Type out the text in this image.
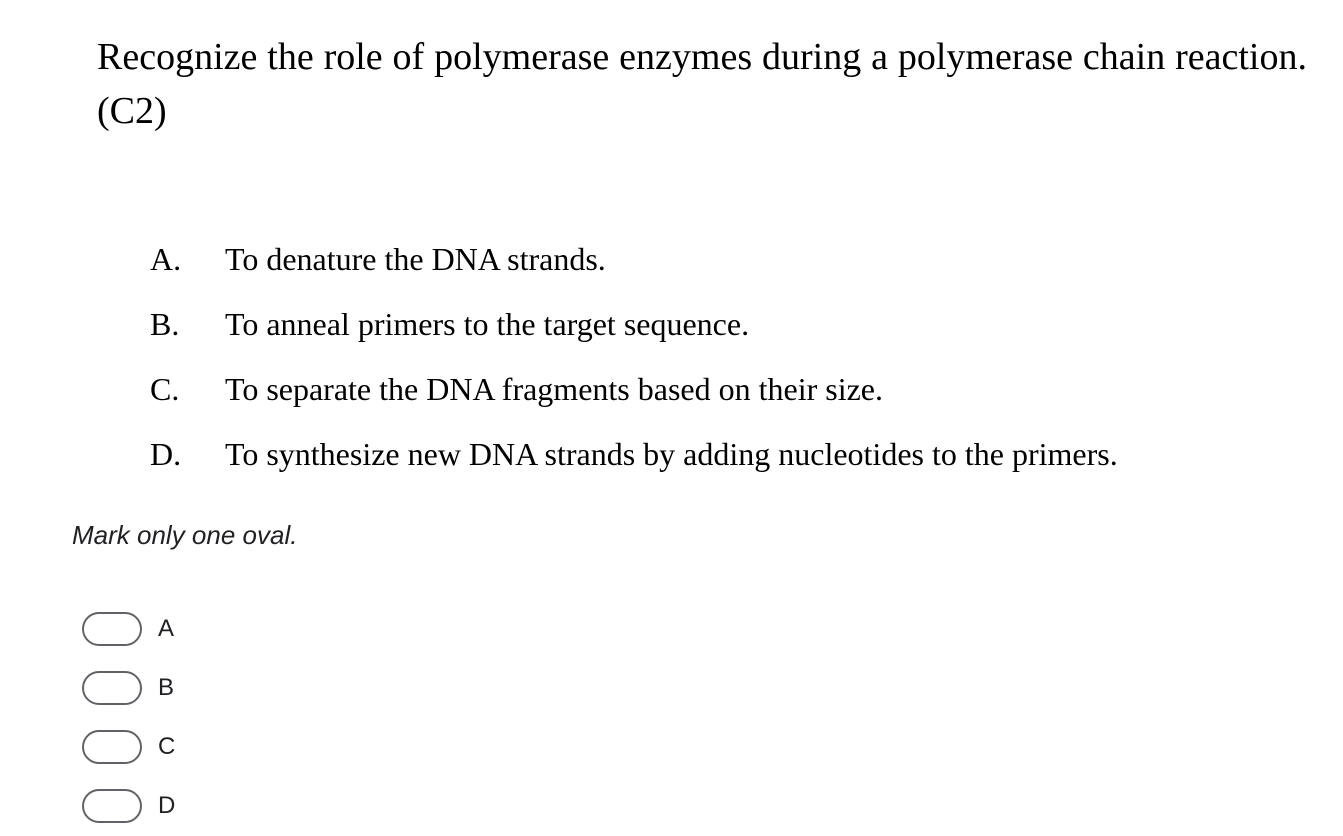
Recognize the role of polymerase enzymes during a polymerase chain reaction. (C2)

A.	To denature the DNA strands.
B.	To anneal primers to the target sequence.
C.	To separate the DNA fragments based on their size.
D.	To synthesize new DNA strands by adding nucleotides to the primers.

Mark only one oval.

A
B
C
D
